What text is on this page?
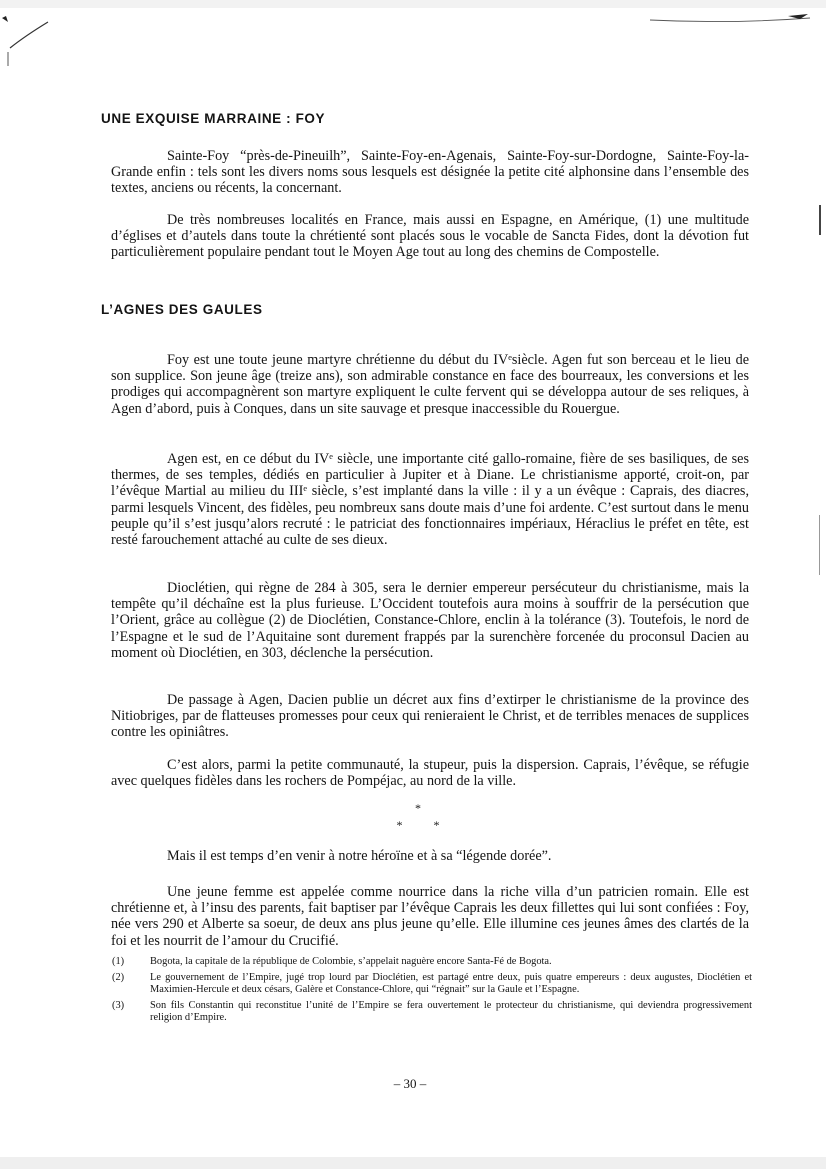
UNE EXQUISE MARRAINE : FOY

Sainte-Foy “près-de-Pineuilh”, Sainte-Foy-en-Agenais, Sainte-Foy-sur-Dordogne, Sainte-Foy-la-Grande enfin : tels sont les divers noms sous lesquels est désignée la petite cité alphonsine dans l’ensemble des textes, anciens ou récents, la concernant.

De très nombreuses localités en France, mais aussi en Espagne, en Amérique, (1) une multitude d’églises et d’autels dans toute la chrétienté sont placés sous le vocable de Sancta Fides, dont la dévotion fut particulièrement populaire pendant tout le Moyen Age tout au long des chemins de Compostelle.

L’AGNES DES GAULES

Foy est une toute jeune martyre chrétienne du début du IVᵉsiècle. Agen fut son berceau et le lieu de son supplice. Son jeune âge (treize ans), son admirable constance en face des bourreaux, les conversions et les prodiges qui accompagnèrent son martyre expliquent le culte fervent qui se développa autour de ses reliques, à Agen d’abord, puis à Conques, dans un site sauvage et presque inaccessible du Rouergue.

Agen est, en ce début du IVᵉ siècle, une importante cité gallo-romaine, fière de ses basiliques, de ses thermes, de ses temples, dédiés en particulier à Jupiter et à Diane. Le christianisme apporté, croit-on, par l’évêque Martial au milieu du IIIᵉ siècle, s’est implanté dans la ville : il y a un évêque : Caprais, des diacres, parmi lesquels Vincent, des fidèles, peu nombreux sans doute mais d’une foi ardente. C’est surtout dans le menu peuple qu’il s’est jusqu’alors recruté : le patriciat des fonctionnaires impériaux, Héraclius le préfet en tête, est resté farouchement attaché au culte de ses dieux.

Dioclétien, qui règne de 284 à 305, sera le dernier empereur persécuteur du christianisme, mais la tempête qu’il déchaîne est la plus furieuse. L’Occident toutefois aura moins à souffrir de la persécution que l’Orient, grâce au collègue (2) de Dioclétien, Constance-Chlore, enclin à la tolérance (3). Toutefois, le nord de l’Espagne et le sud de l’Aquitaine sont durement frappés par la surenchère forcenée du proconsul Dacien au moment où Dioclétien, en 303, déclenche la persécution.

De passage à Agen, Dacien publie un décret aux fins d’extirper le christianisme de la province des Nitiobriges, par de flatteuses promesses pour ceux qui renieraient le Christ, et de terribles menaces de supplices contre les opiniâtres.

C’est alors, parmi la petite communauté, la stupeur, puis la dispersion. Caprais, l’évêque, se réfugie avec quelques fidèles dans les rochers de Pompéjac, au nord de la ville.

*
* *

Mais il est temps d’en venir à notre héroïne et à sa “légende dorée”.

Une jeune femme est appelée comme nourrice dans la riche villa d’un patricien romain. Elle est chrétienne et, à l’insu des parents, fait baptiser par l’évêque Caprais les deux fillettes qui lui sont confiées : Foy, née vers 290 et Alberte sa soeur, de deux ans plus jeune qu’elle. Elle illumine ces jeunes âmes des clartés de la foi et les nourrit de l’amour du Crucifié.

(1)	Bogota, la capitale de la république de Colombie, s’appelait naguère encore Santa-Fé de Bogota.
(2)	Le gouvernement de l’Empire, jugé trop lourd par Dioclétien, est partagé entre deux, puis quatre empereurs : deux augustes, Dioclétien et Maximien-Hercule et deux césars, Galère et Constance-Chlore, qui “régnait” sur la Gaule et l’Espagne.
(3)	Son fils Constantin qui reconstitue l’unité de l’Empire se fera ouvertement le protecteur du christianisme, qui deviendra progressivement religion d’Empire.
– 30 –
